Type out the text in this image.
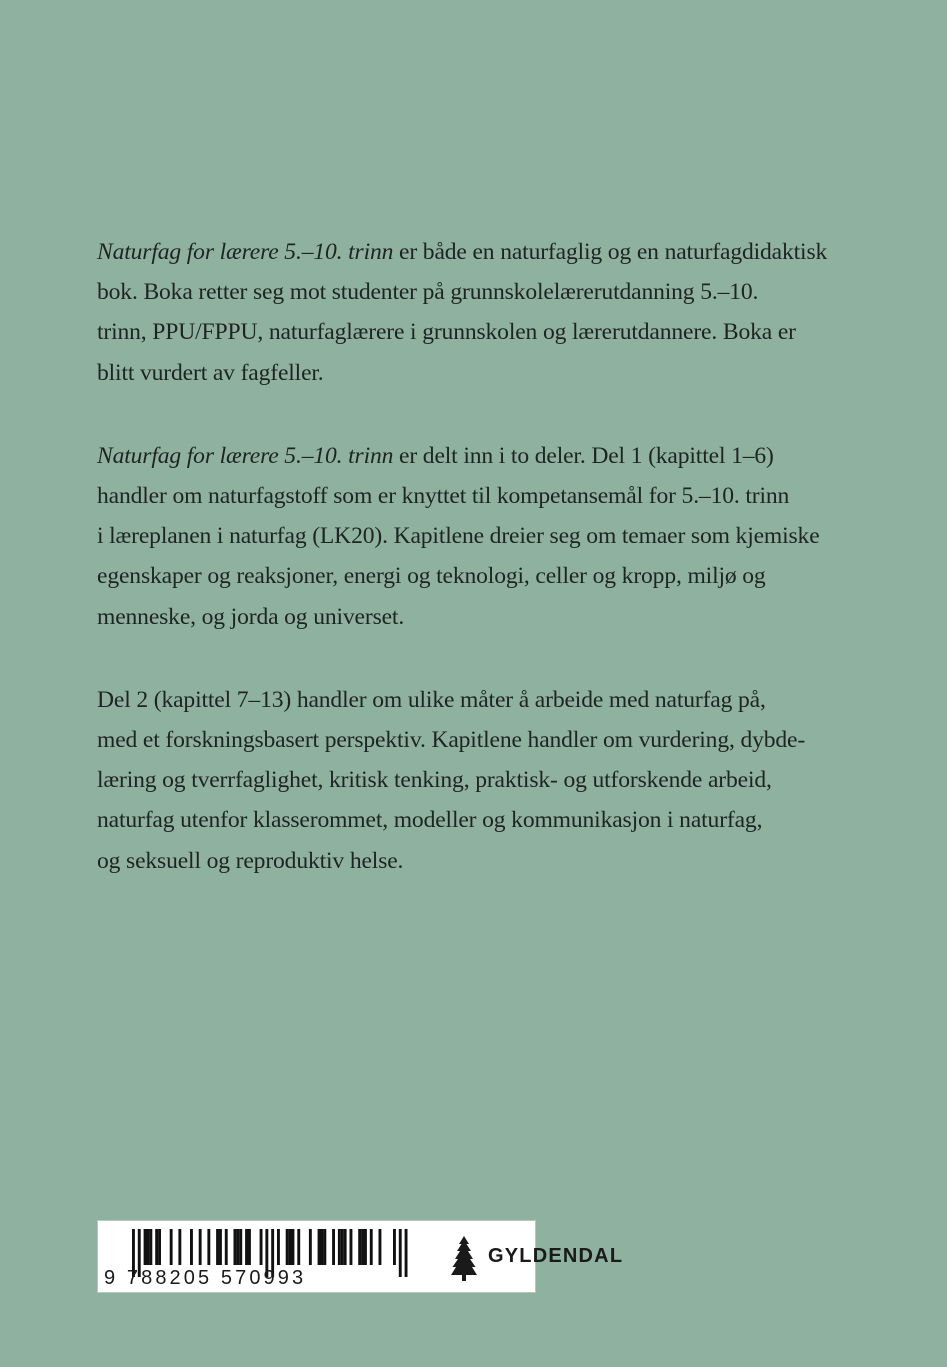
Naturfag for lærere 5.–10. trinn er både en naturfaglig og en naturfagdidaktisk
bok. Boka retter seg mot studenter på grunnskolelærerutdanning 5.–10.
trinn, PPU/FPPU, naturfaglærere i grunnskolen og lærerutdannere. Boka er
blitt vurdert av fagfeller.

Naturfag for lærere 5.–10. trinn er delt inn i to deler. Del 1 (kapittel 1–6)
handler om naturfagstoff som er knyttet til kompetansemål for 5.–10. trinn
i læreplanen i naturfag (LK20). Kapitlene dreier seg om temaer som kjemiske
egenskaper og reaksjoner, energi og teknologi, celler og kropp, miljø og
menneske, og jorda og universet.

Del 2 (kapittel 7–13) handler om ulike måter å arbeide med naturfag på,
med et forskningsbasert perspektiv. Kapitlene handler om vurdering, dybde-
læring og tverrfaglighet, kritisk tenking, praktisk- og utforskende arbeid,
naturfag utenfor klasserommet, modeller og kommunikasjon i naturfag,
og seksuell og reproduktiv helse.

9 788205 570993
GYLDENDAL
